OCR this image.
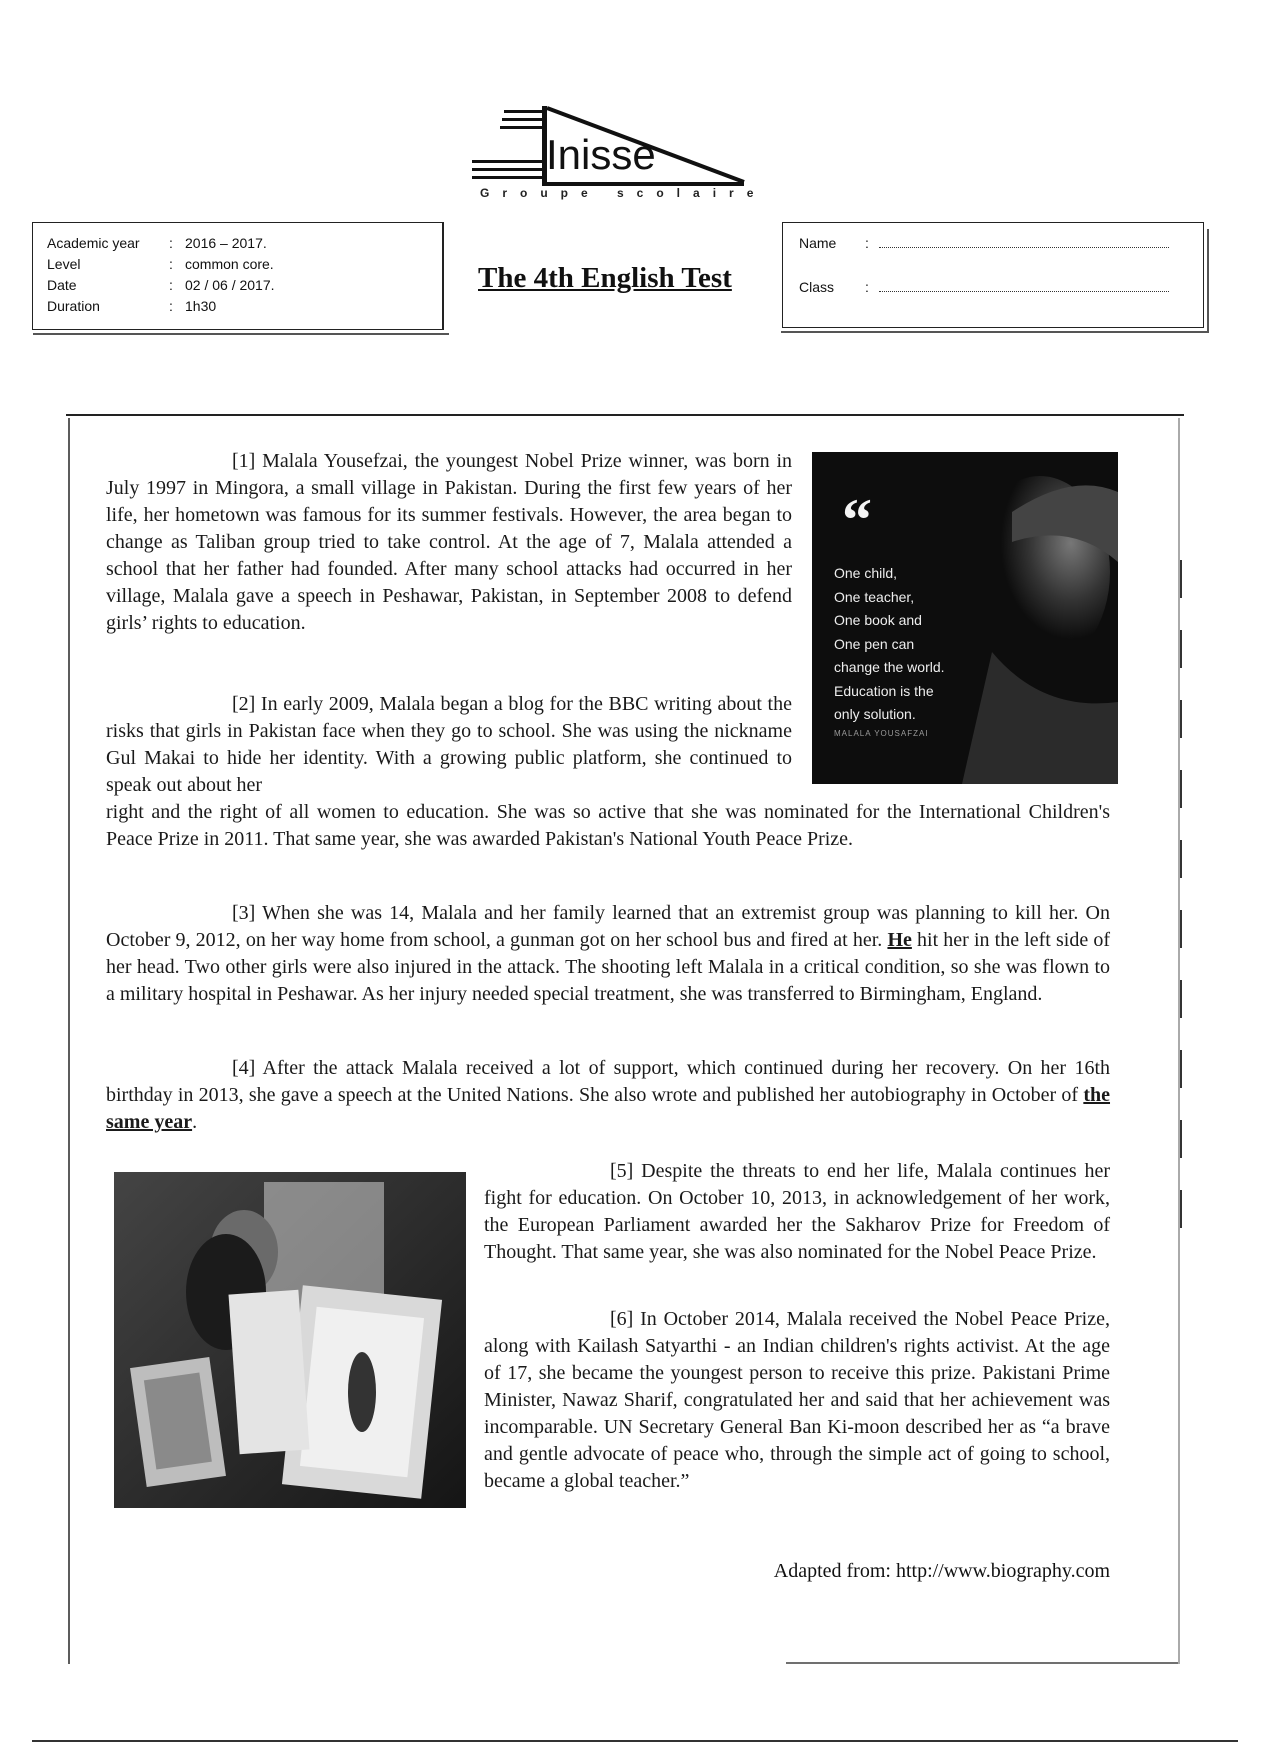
Inisse
Groupe scolaire
Academic year : 2016 – 2017.
Level	: common core.
Date	: 02 / 06 / 2017.
Duration	: 1h30
The 4th English Test
Name :
Class :
“
One child,
One teacher,
One book and
One pen can
change the world.
Education is the
only solution.
MALALA YOUSAFZAI
[1] Malala Yousefzai, the youngest Nobel Prize winner, was born in July 1997 in Mingora, a small village in Pakistan. During the first few years of her life, her hometown was famous for its summer festivals. However, the area began to change as Taliban group tried to take control. At the age of 7, Malala attended a school that her father had founded. After many school attacks had occurred in her village, Malala gave a speech in Peshawar, Pakistan, in September 2008 to defend girls’ rights to education.
[2] In early 2009, Malala began a blog for the BBC writing about the risks that girls in Pakistan face when they go to school. She was using the nickname Gul Makai to hide her identity. With a growing public platform, she continued to speak out about her
right and the right of all women to education. She was so active that she was nominated for the International Children's Peace Prize in 2011. That same year, she was awarded Pakistan's National Youth Peace Prize.
[3] When she was 14, Malala and her family learned that an extremist group was planning to kill her. On October 9, 2012, on her way home from school, a gunman got on her school bus and fired at her. He hit her in the left side of her head. Two other girls were also injured in the attack. The shooting left Malala in a critical condition, so she was flown to a military hospital in Peshawar. As her injury needed special treatment, she was transferred to Birmingham, England.
[4] After the attack Malala received a lot of support, which continued during her recovery. On her 16th birthday in 2013, she gave a speech at the United Nations. She also wrote and published her autobiography in October of the same year.
[5] Despite the threats to end her life, Malala continues her fight for education. On October 10, 2013, in acknowledgement of her work, the European Parliament awarded her the Sakharov Prize for Freedom of Thought. That same year, she was also nominated for the Nobel Peace Prize.
[6] In October 2014, Malala received the Nobel Peace Prize, along with Kailash Satyarthi - an Indian children's rights activist. At the age of 17, she became the youngest person to receive this prize. Pakistani Prime Minister, Nawaz Sharif, congratulated her and said that her achievement was incomparable. UN Secretary General Ban Ki-moon described her as “a brave and gentle advocate of peace who, through the simple act of going to school, became a global teacher.”
Adapted from: http://www.biography.com
